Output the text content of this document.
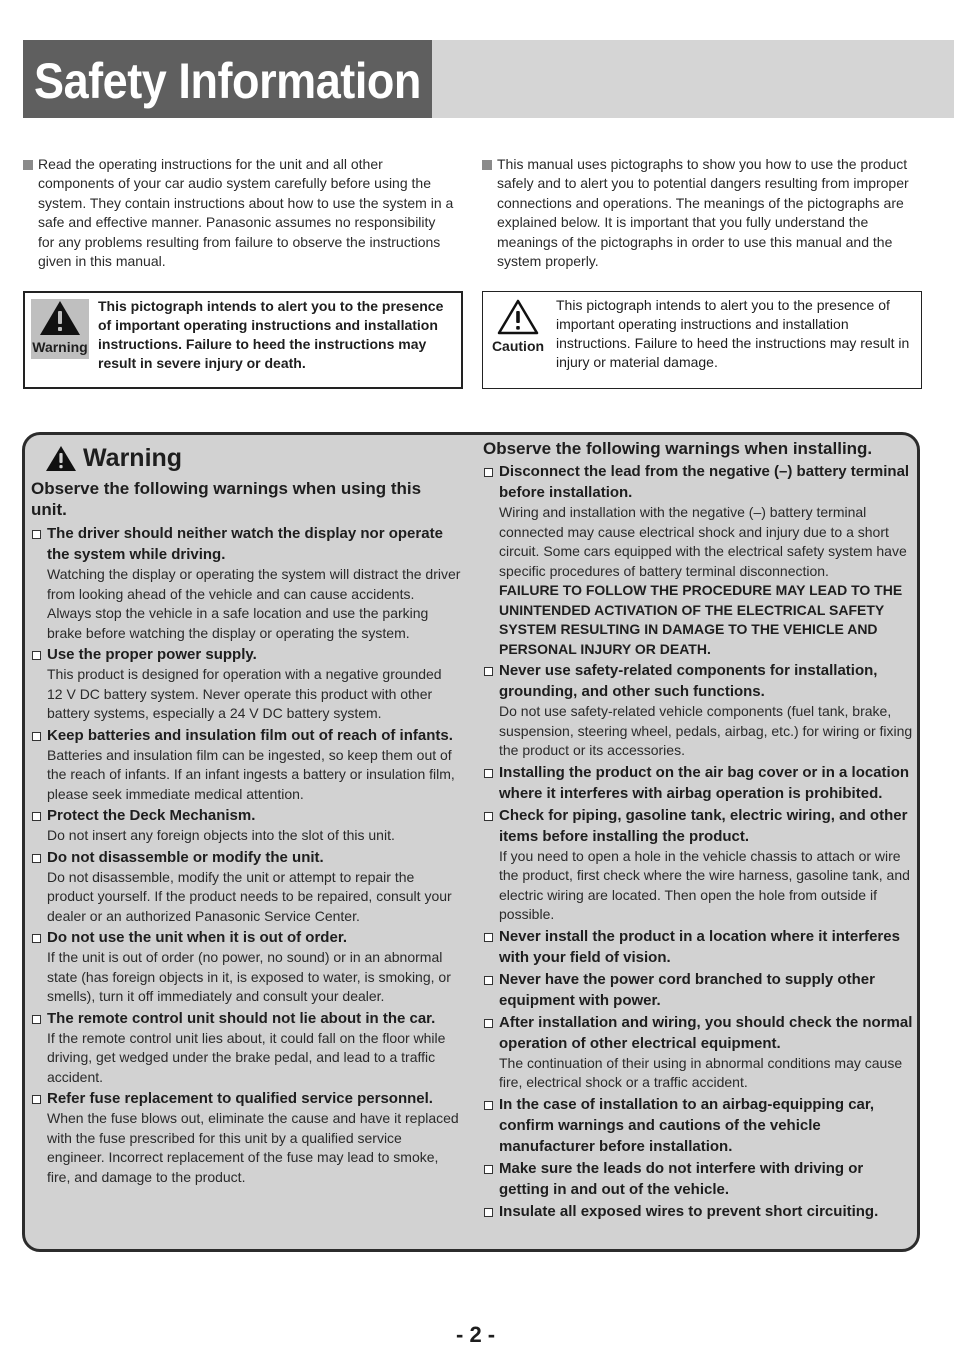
Safety Information
Read the operating instructions for the unit and all other components of your car audio system carefully before using the system. They contain instructions about how to use the system in a safe and effective manner. Panasonic assumes no responsibility for any problems resulting from failure to observe the instructions given in this manual.
This manual uses pictographs to show you how to use the product safely and to alert you to potential dangers resulting from improper connections and operations. The meanings of the pictographs are explained below. It is important that you fully understand the meanings of the pictographs in order to use this manual and the system properly.
Warning
This pictograph intends to alert you to the presence of important operating instructions and installation instructions. Failure to heed the instructions may result in severe injury or death.
Caution
This pictograph intends to alert you to the presence of important operating instructions and installation instructions. Failure to heed the instructions may result in injury or material damage.
Warning
Observe the following warnings when using this unit.
The driver should neither watch the display nor operate the system while driving.
Watching the display or operating the system will distract the driver from looking ahead of the vehicle and can cause accidents. Always stop the vehicle in a safe location and use the parking brake before watching the display or operating the system.
Use the proper power supply.
This product is designed for operation with a negative grounded 12 V DC battery system. Never operate this product with other battery systems, especially a 24 V DC battery system.
Keep batteries and insulation film out of reach of infants.
Batteries and insulation film can be ingested, so keep them out of the reach of infants. If an infant ingests a battery or insulation film, please seek immediate medical attention.
Protect the Deck Mechanism.
Do not insert any foreign objects into the slot of this unit.
Do not disassemble or modify the unit.
Do not disassemble, modify the unit or attempt to repair the product yourself. If the product needs to be repaired, consult your dealer or an authorized Panasonic Service Center.
Do not use the unit when it is out of order.
If the unit is out of order (no power, no sound) or in an abnormal state (has foreign objects in it, is exposed to water, is smoking, or smells), turn it off immediately and consult your dealer.
The remote control unit should not lie about in the car.
If the remote control unit lies about, it could fall on the floor while driving, get wedged under the brake pedal, and lead to a traffic accident.
Refer fuse replacement to qualified service personnel.
When the fuse blows out, eliminate the cause and have it replaced with the fuse prescribed for this unit by a qualified service engineer. Incorrect replacement of the fuse may lead to smoke, fire, and damage to the product.
Observe the following warnings when installing.
Disconnect the lead from the negative (–) battery terminal before installation.
Wiring and installation with the negative (–) battery terminal connected may cause electrical shock and injury due to a short circuit. Some cars equipped with the electrical safety system have specific procedures of battery terminal disconnection.
FAILURE TO FOLLOW THE PROCEDURE MAY LEAD TO THE UNINTENDED ACTIVATION OF THE ELECTRICAL SAFETY SYSTEM RESULTING IN DAMAGE TO THE VEHICLE AND PERSONAL INJURY OR DEATH.
Never use safety-related components for installation, grounding, and other such functions.
Do not use safety-related vehicle components (fuel tank, brake, suspension, steering wheel, pedals, airbag, etc.) for wiring or fixing the product or its accessories.
Installing the product on the air bag cover or in a location where it interferes with airbag operation is prohibited.
Check for piping, gasoline tank, electric wiring, and other items before installing the product.
If you need to open a hole in the vehicle chassis to attach or wire the product, first check where the wire harness, gasoline tank, and electric wiring are located. Then open the hole from outside if possible.
Never install the product in a location where it interferes with your field of vision.
Never have the power cord branched to supply other equipment with power.
After installation and wiring, you should check the normal operation of other electrical equipment.
The continuation of their using in abnormal conditions may cause fire, electrical shock or a traffic accident.
In the case of installation to an airbag-equipping car, confirm warnings and cautions of the vehicle manufacturer before installation.
Make sure the leads do not interfere with driving or getting in and out of the vehicle.
Insulate all exposed wires to prevent short circuiting.
- 2 -
